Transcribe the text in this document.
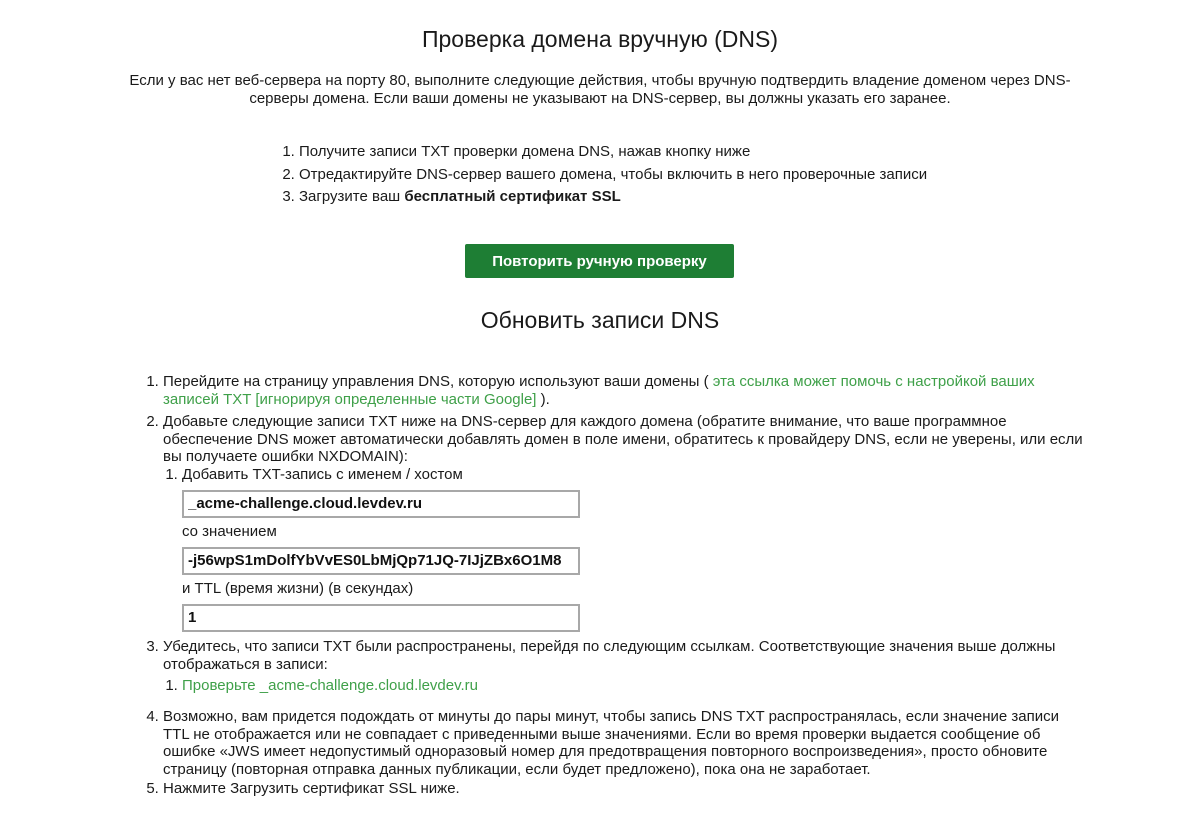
Проверка домена вручную (DNS)

Если у вас нет веб-сервера на порту 80, выполните следующие действия, чтобы вручную подтвердить владение доменом через DNS-серверы домена. Если ваши домены не указывают на DNS-сервер, вы должны указать его заранее.

1. Получите записи TXT проверки домена DNS, нажав кнопку ниже
2. Отредактируйте DNS-сервер вашего домена, чтобы включить в него проверочные записи
3. Загрузите ваш бесплатный сертификат SSL
Повторить ручную проверку
Обновить записи DNS
1. Перейдите на страницу управления DNS, которую используют ваши домены ( эта ссылка может помочь с настройкой ваших записей TXT [игнорируя определенные части Google] ).
2. Добавьте следующие записи TXT ниже на DNS-сервер для каждого домена (обратите внимание, что ваше программное обеспечение DNS может автоматически добавлять домен в поле имени, обратитесь к провайдеру DNS, если не уверены, или если вы получаете ошибки NXDOMAIN):
1. Добавить TXT-запись с именем / хостом
_acme-challenge.cloud.levdev.ru
со значением
-j56wpS1mDolfYbVvES0LbMjQp71JQ-7IJjZBx6O1M8
и TTL (время жизни) (в секундах)
1
3. Убедитесь, что записи TXT были распространены, перейдя по следующим ссылкам. Соответствующие значения выше должны отображаться в записи:
1. Проверьте _acme-challenge.cloud.levdev.ru
4. Возможно, вам придется подождать от минуты до пары минут, чтобы запись DNS TXT распространялась, если значение записи TTL не отображается или не совпадает с приведенными выше значениями. Если во время проверки выдается сообщение об ошибке «JWS имеет недопустимый одноразовый номер для предотвращения повторного воспроизведения», просто обновите страницу (повторная отправка данных публикации, если будет предложено), пока она не заработает.
5. Нажмите Загрузить сертификат SSL ниже.
